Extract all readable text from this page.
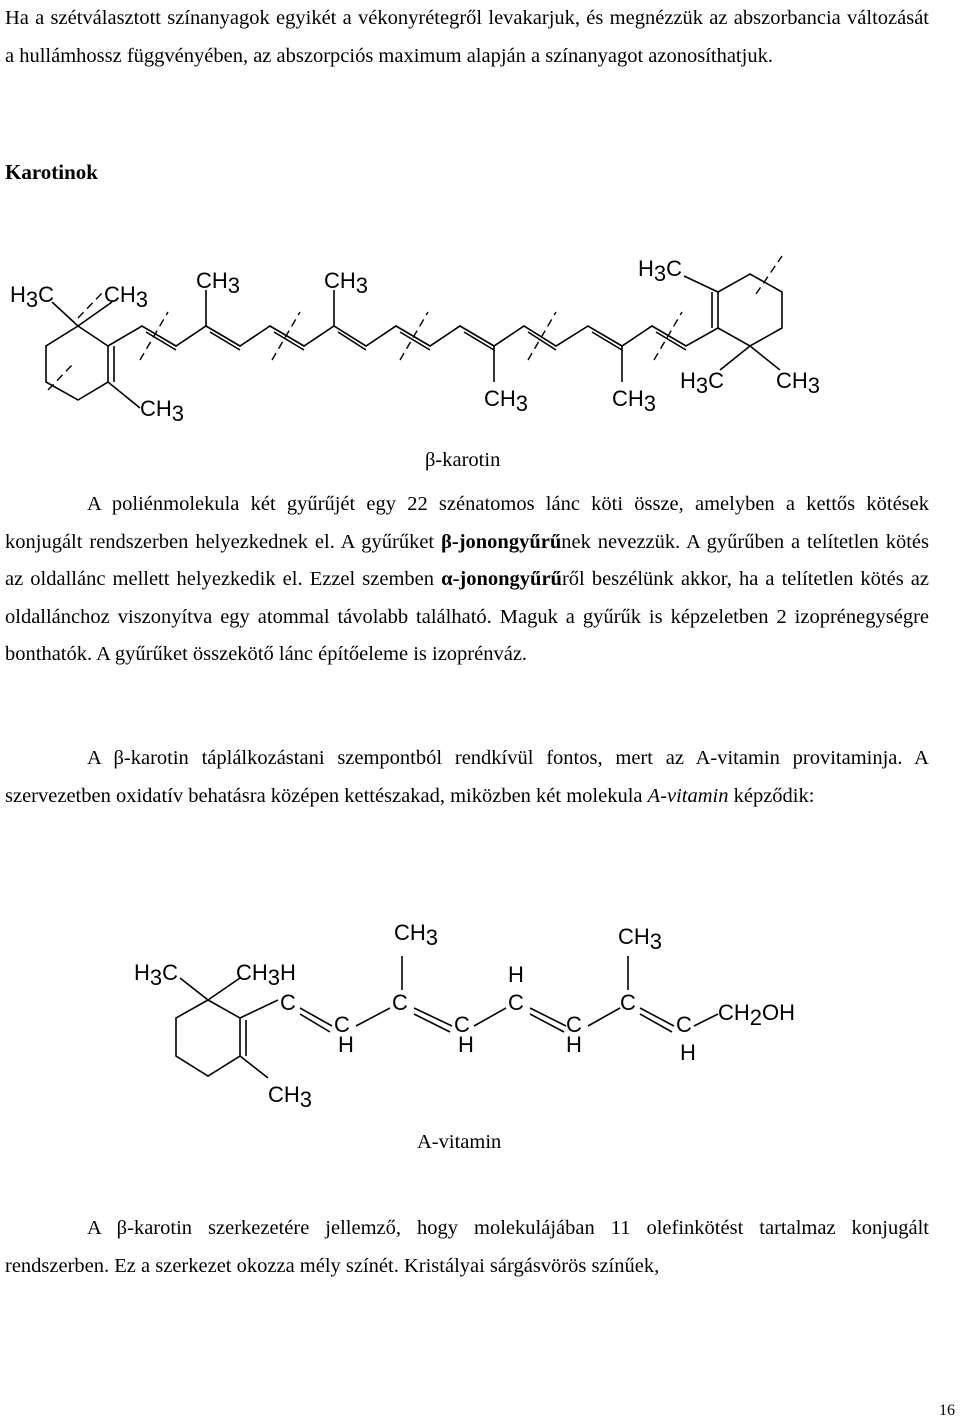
Ha a szétválasztott színanyagok egyikét a vékonyrétegről levakarjuk, és megnézzük az abszorbancia változását a hullámhossz függvényében, az abszorpciós maximum alapján a színanyagot azonosíthatjuk.

Karotinok

H3C CH3
CH3	CH3
H3C
CH3
CH3	CH3
H3C CH3
β-karotin

A poliénmolekula két gyűrűjét egy 22 szénatomos lánc köti össze, amelyben a kettős kötések konjugált rendszerben helyezkednek el. A gyűrűket β-jonongyűrűnek nevezzük. A gyűrűben a telítetlen kötés az oldallánc mellett helyezkedik el. Ezzel szemben α-jonongyűrűről beszélünk akkor, ha a telítetlen kötés az oldallánchoz viszonyítva egy atommal távolabb található. Maguk a gyűrűk is képzeletben 2 izoprénegységre bonthatók. A gyűrűket összekötő lánc építőeleme is izoprénváz.

A β-karotin táplálkozástani szempontból rendkívül fontos, mert az A-vitamin provitaminja. A szervezetben oxidatív behatásra középen kettészakad, miközben két molekula A-vitamin képződik:

H3C	CH3H
CH3	CH3
H
C
C
C
C
C
C
C
C
H	H	H	H
CH2OH
CH3
A-vitamin

A β-karotin szerkezetére jellemző, hogy molekulájában 11 olefinkötést tartalmaz konjugált rendszerben. Ez a szerkezet okozza mély színét. Kristályai sárgásvörös színűek,

16
